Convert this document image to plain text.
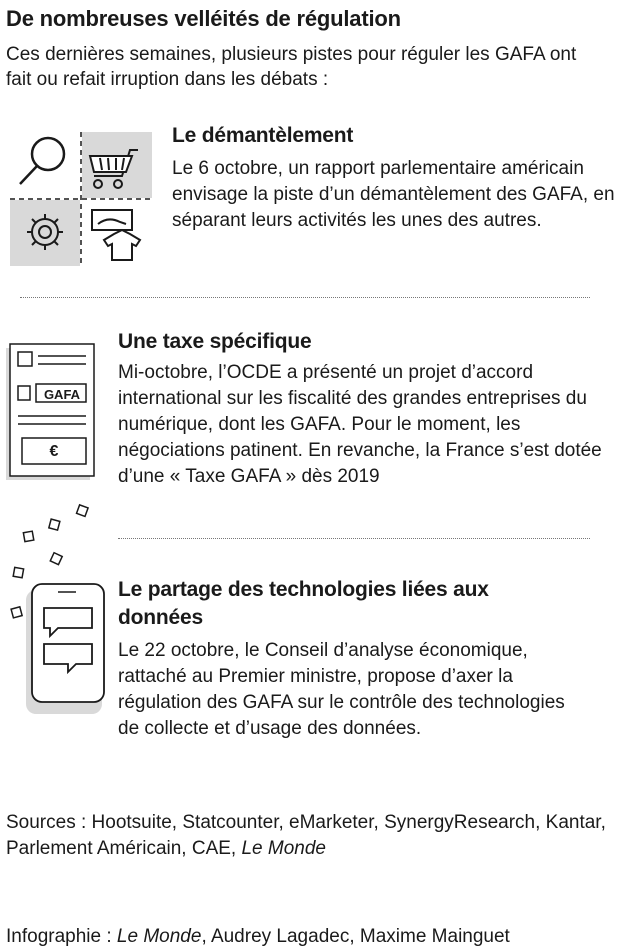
De nombreuses velléités de régulation
Ces dernières semaines, plusieurs pistes pour réguler les GAFA ont fait ou refait irruption dans les débats :
Le démantèlement
Le 6 octobre, un rapport parlementaire américain envisage la piste d’un démantèlement des GAFA, en séparant leurs activités les unes des autres.
GAFA
€
Une taxe spécifique
Mi-octobre, l’OCDE a présenté un projet d’accord international sur les fiscalité des grandes entreprises du numérique, dont les GAFA. Pour le moment, les négociations patinent. En revanche, la France s’est dotée d’une « Taxe GAFA » dès 2019
Le partage des technologies liées aux données
Le 22 octobre, le Conseil d’analyse économique, rattaché au Premier ministre, propose d’axer la régulation des GAFA sur le contrôle des technologies de collecte et d’usage des données.
Sources : Hootsuite, Statcounter, eMarketer, SynergyResearch, Kantar, Parlement Américain, CAE, Le Monde
Infographie : Le Monde, Audrey Lagadec, Maxime Mainguet
